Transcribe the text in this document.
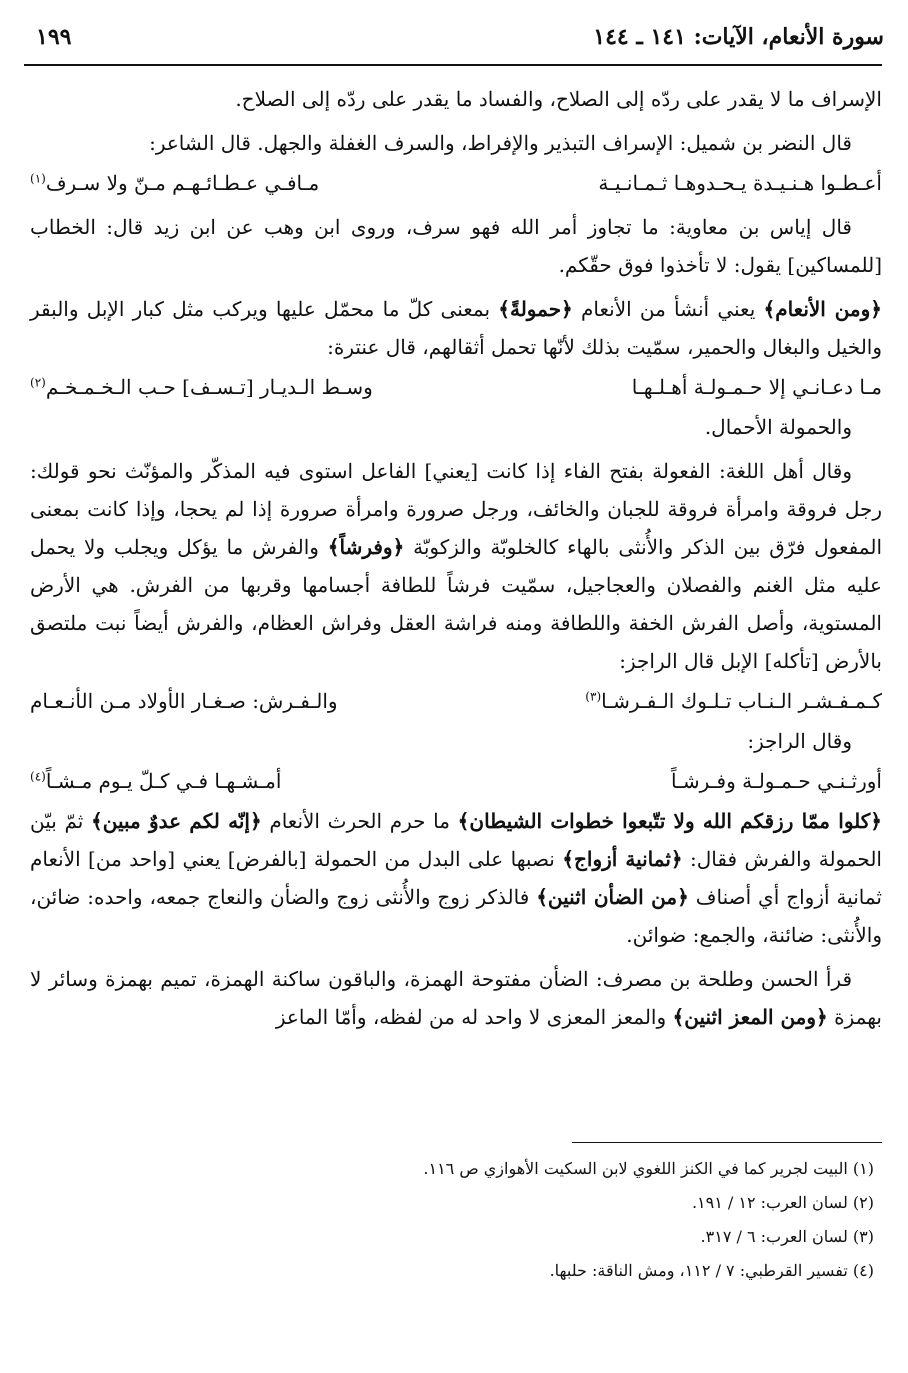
سورة الأنعام، الآيات: ١٤١ ـ ١٤٤
١٩٩

الإسراف ما لا يقدر على ردّه إلى الصلاح، والفساد ما يقدر على ردّه إلى الصلاح.

قال النضر بن شميل: الإسراف التبذير والإفراط، والسرف الغفلة والجهل. قال الشاعر:

أعـطـوا هـنـيـدة يـحـدوهـا ثـمـانـيـة
مـافـي عـطـائـهـم مـنّ ولا سـرف$^{(١)}$

قال إياس بن معاوية: ما تجاوز أمر الله فهو سرف، وروى ابن وهب عن ابن زيد قال: الخطاب [للمساكين] يقول: لا تأخذوا فوق حقّكم.

﴿ومن الأنعام﴾ يعني أنشأ من الأنعام ﴿حمولةً﴾ بمعنى كلّ ما محمّل عليها ويركب مثل كبار الإبل والبقر والخيل والبغال والحمير، سمّيت بذلك لأنّها تحمل أثقالهم، قال عنترة:

مـا دعـانـي إلا حـمـولـة أهـلـهـا
وسـط الـديـار [تـسـف] حـب الـخـمـخـم$^{(٢)}$

والحمولة الأحمال.

وقال أهل اللغة: الفعولة بفتح الفاء إذا كانت [يعني] الفاعل استوى فيه المذكّر والمؤنّث نحو قولك: رجل فروقة وامرأة فروقة للجبان والخائف، ورجل صرورة وامرأة صرورة إذا لم يحجا، وإذا كانت بمعنى المفعول فرّق بين الذكر والأُنثى بالهاء كالخلوبّة والزكوبّة ﴿وفرشاً﴾ والفرش ما يؤكل ويجلب ولا يحمل عليه مثل الغنم والفصلان والعجاجيل، سمّيت فرشاً للطافة أجسامها وقربها من الفرش. هي الأرض المستوية، وأصل الفرش الخفة واللطافة ومنه فراشة العقل وفراش العظام، والفرش أيضاً نبت ملتصق بالأرض [تأكله] الإبل قال الراجز:

كـمـفـشـر الـنـاب تـلـوك الـفـرشـا$^{(٣)}$
والـفـرش: صـغـار الأولاد مـن الأنـعـام

وقال الراجز:

أورثـنـي حـمـولـة وفـرشـاً
أمـشـهـا فـي كـلّ يـوم مـشـاً$^{(٤)}$

﴿كلوا ممّا رزقكم الله ولا تتّبعوا خطوات الشيطان﴾ ما حرم الحرث الأنعام ﴿إنّه لكم عدوٌ مبين﴾ ثمّ بيّن الحمولة والفرش فقال: ﴿ثمانية أزواج﴾ نصبها على البدل من الحمولة [بالفرض] يعني [واحد من] الأنعام ثمانية أزواج أي أصناف ﴿من الضأن اثنين﴾ فالذكر زوج والأُنثى زوج والضأن والنعاج جمعه، واحده: ضائن، والأُنثى: ضائنة، والجمع: ضوائن.

قرأ الحسن وطلحة بن مصرف: الضأن مفتوحة الهمزة، والباقون ساكنة الهمزة، تميم بهمزة وسائر لا بهمزة ﴿ومن المعز اثنين﴾ والمعز المعزى لا واحد له من لفظه، وأمّا الماعز

(١) البيت لجرير كما في الكنز اللغوي لابن السكيت الأهوازي ص ١١٦.

(٢) لسان العرب: ١٢ / ١٩١.

(٣) لسان العرب: ٦ / ٣١٧.

(٤) تفسير القرطبي: ٧ / ١١٢، ومش الناقة: حلبها.
